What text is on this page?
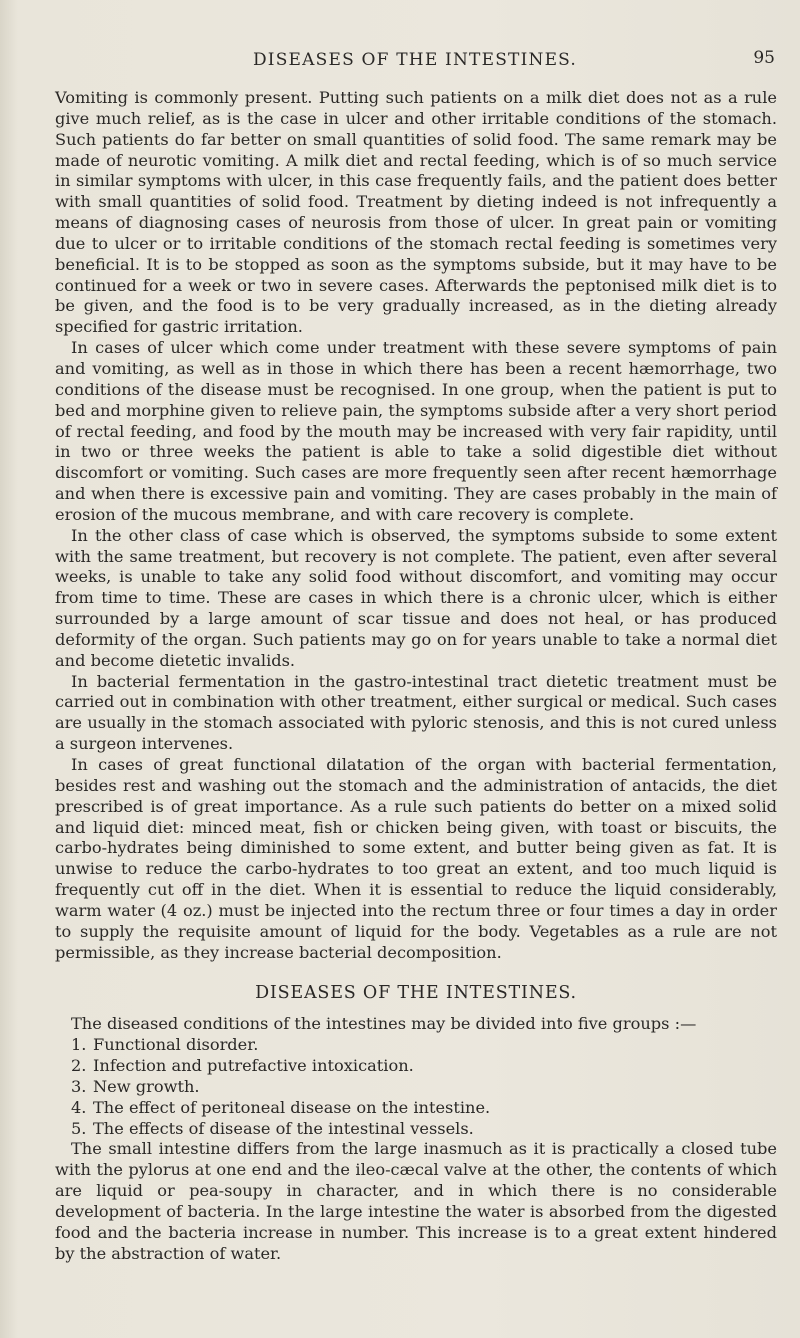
DISEASES OF THE INTESTINES.	95

Vomiting is commonly present. Putting such patients on a milk diet does not as a rule give much relief, as is the case in ulcer and other irritable conditions of the stomach. Such patients do far better on small quantities of solid food. The same remark may be made of neurotic vomiting. A milk diet and rectal feeding, which is of so much service in similar symptoms with ulcer, in this case frequently fails, and the patient does better with small quantities of solid food. Treatment by dieting indeed is not infrequently a means of diagnosing cases of neurosis from those of ulcer. In great pain or vomiting due to ulcer or to irritable conditions of the stomach rectal feeding is sometimes very beneficial. It is to be stopped as soon as the symptoms subside, but it may have to be continued for a week or two in severe cases. Afterwards the peptonised milk diet is to be given, and the food is to be very gradually increased, as in the dieting already specified for gastric irritation.

In cases of ulcer which come under treatment with these severe symptoms of pain and vomiting, as well as in those in which there has been a recent hæmorrhage, two conditions of the disease must be recognised. In one group, when the patient is put to bed and morphine given to relieve pain, the symptoms subside after a very short period of rectal feeding, and food by the mouth may be increased with very fair rapidity, until in two or three weeks the patient is able to take a solid digestible diet without discomfort or vomiting. Such cases are more frequently seen after recent hæmorrhage and when there is excessive pain and vomiting. They are cases probably in the main of erosion of the mucous membrane, and with care recovery is complete.

In the other class of case which is observed, the symptoms subside to some extent with the same treatment, but recovery is not complete. The patient, even after several weeks, is unable to take any solid food without discomfort, and vomiting may occur from time to time. These are cases in which there is a chronic ulcer, which is either surrounded by a large amount of scar tissue and does not heal, or has produced deformity of the organ. Such patients may go on for years unable to take a normal diet and become dietetic invalids.

In bacterial fermentation in the gastro-intestinal tract dietetic treatment must be carried out in combination with other treatment, either surgical or medical. Such cases are usually in the stomach associated with pyloric stenosis, and this is not cured unless a surgeon intervenes.

In cases of great functional dilatation of the organ with bacterial fermentation, besides rest and washing out the stomach and the administration of antacids, the diet prescribed is of great importance. As a rule such patients do better on a mixed solid and liquid diet: minced meat, fish or chicken being given, with toast or biscuits, the carbo-hydrates being diminished to some extent, and butter being given as fat. It is unwise to reduce the carbo-hydrates to too great an extent, and too much liquid is frequently cut off in the diet. When it is essential to reduce the liquid considerably, warm water (4 oz.) must be injected into the rectum three or four times a day in order to supply the requisite amount of liquid for the body. Vegetables as a rule are not permissible, as they increase bacterial decomposition.

DISEASES OF THE INTESTINES.

The diseased conditions of the intestines may be divided into five groups :—

1. Functional disorder.
2. Infection and putrefactive intoxication.
3. New growth.
4. The effect of peritoneal disease on the intestine.
5. The effects of disease of the intestinal vessels.

The small intestine differs from the large inasmuch as it is practically a closed tube with the pylorus at one end and the ileo-cæcal valve at the other, the contents of which are liquid or pea-soupy in character, and in which there is no considerable development of bacteria. In the large intestine the water is absorbed from the digested food and the bacteria increase in number. This increase is to a great extent hindered by the abstraction of water.
